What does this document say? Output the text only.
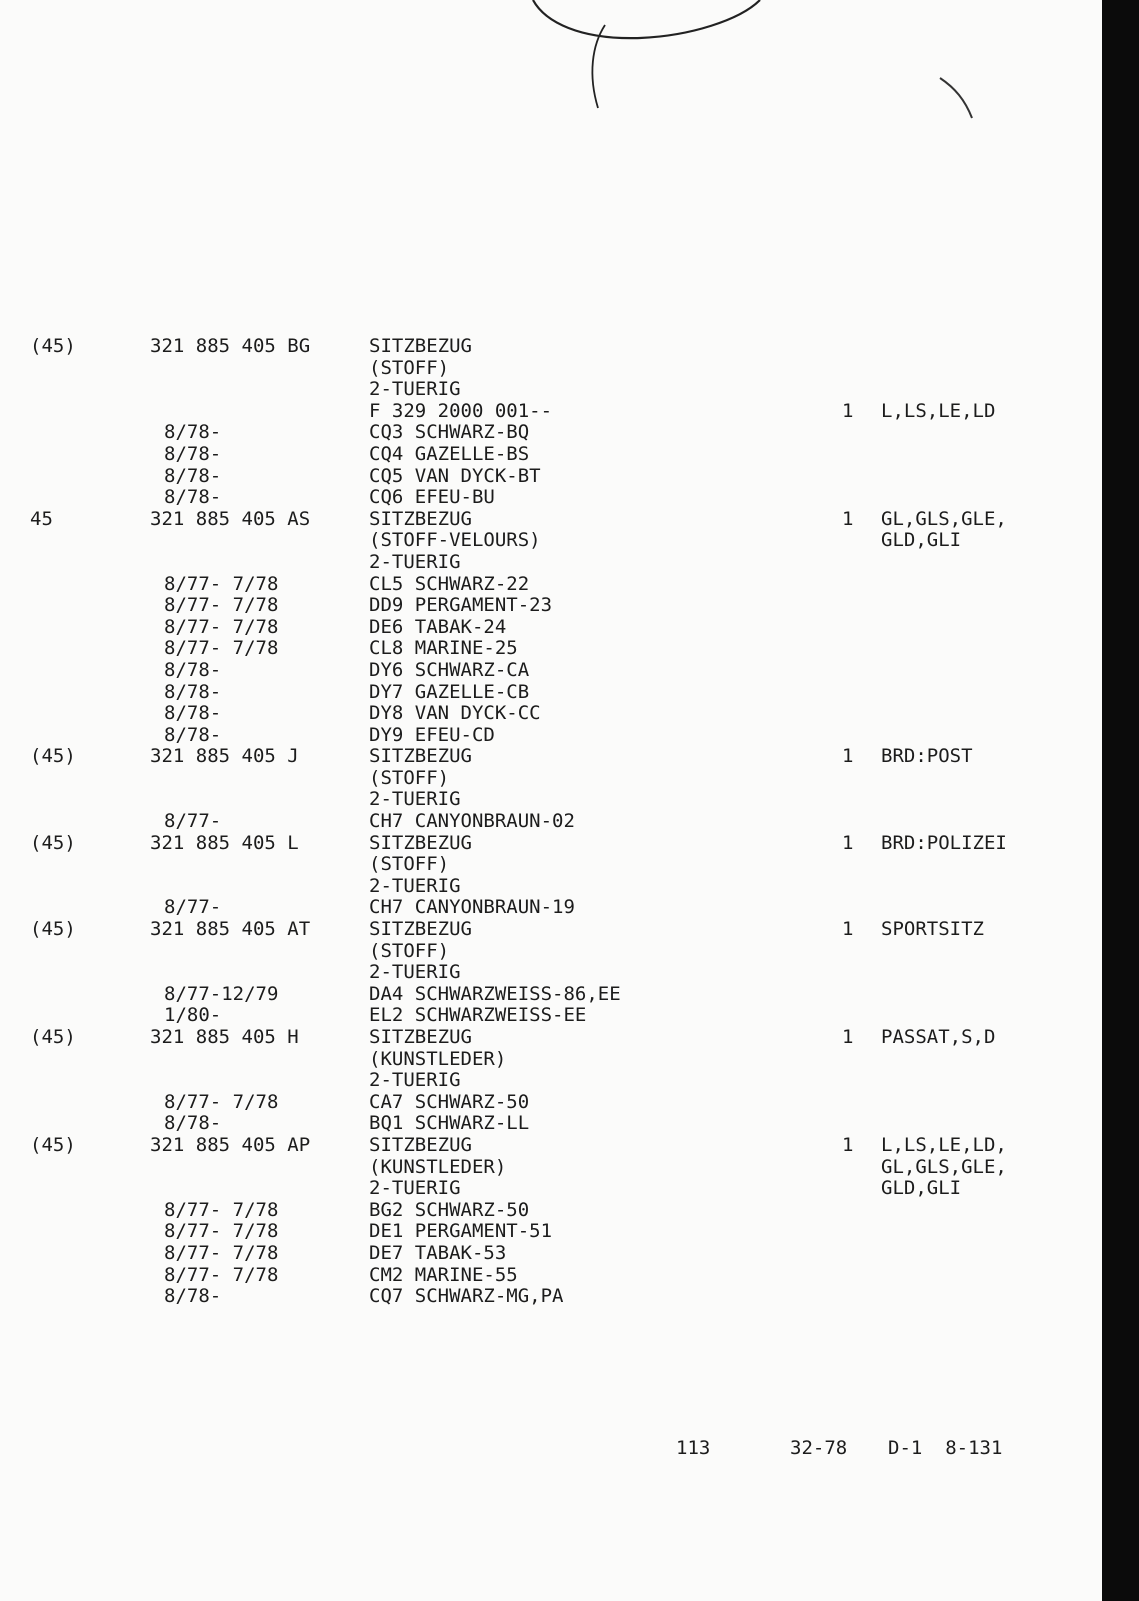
(45)	321 885 405 BG	SITZBEZUG
(STOFF)
2-TUERIG
F 329 2000 001--	1 L,LS,LE,LD
8/78-	CQ3 SCHWARZ-BQ
8/78-	CQ4 GAZELLE-BS
8/78-	CQ5 VAN DYCK-BT
8/78-	CQ6 EFEU-BU
45	321 885 405 AS	SITZBEZUG	1 GL,GLS,GLE,
(STOFF-VELOURS)	GLD,GLI
2-TUERIG
8/77- 7/78	CL5 SCHWARZ-22
8/77- 7/78	DD9 PERGAMENT-23
8/77- 7/78	DE6 TABAK-24
8/77- 7/78	CL8 MARINE-25
8/78-	DY6 SCHWARZ-CA
8/78-	DY7 GAZELLE-CB
8/78-	DY8 VAN DYCK-CC
8/78-	DY9 EFEU-CD
(45)	321 885 405 J	SITZBEZUG	1 BRD:POST
(STOFF)
2-TUERIG
8/77-	CH7 CANYONBRAUN-02
(45)	321 885 405 L	SITZBEZUG	1 BRD:POLIZEI
(STOFF)
2-TUERIG
8/77-	CH7 CANYONBRAUN-19
(45)	321 885 405 AT	SITZBEZUG	1 SPORTSITZ
(STOFF)
2-TUERIG
8/77-12/79	DA4 SCHWARZWEISS-86,EE
1/80-	EL2 SCHWARZWEISS-EE
(45)	321 885 405 H	SITZBEZUG	1 PASSAT,S,D
(KUNSTLEDER)
2-TUERIG
8/77- 7/78	CA7 SCHWARZ-50
8/78-	BQ1 SCHWARZ-LL
(45)	321 885 405 AP	SITZBEZUG	1 L,LS,LE,LD,
(KUNSTLEDER)	GL,GLS,GLE,
2-TUERIG	GLD,GLI
8/77- 7/78	BG2 SCHWARZ-50
8/77- 7/78	DE1 PERGAMENT-51
8/77- 7/78	DE7 TABAK-53
8/77- 7/78	CM2 MARINE-55
8/78-	CQ7 SCHWARZ-MG,PA
113	32-78 D-1  8-131
